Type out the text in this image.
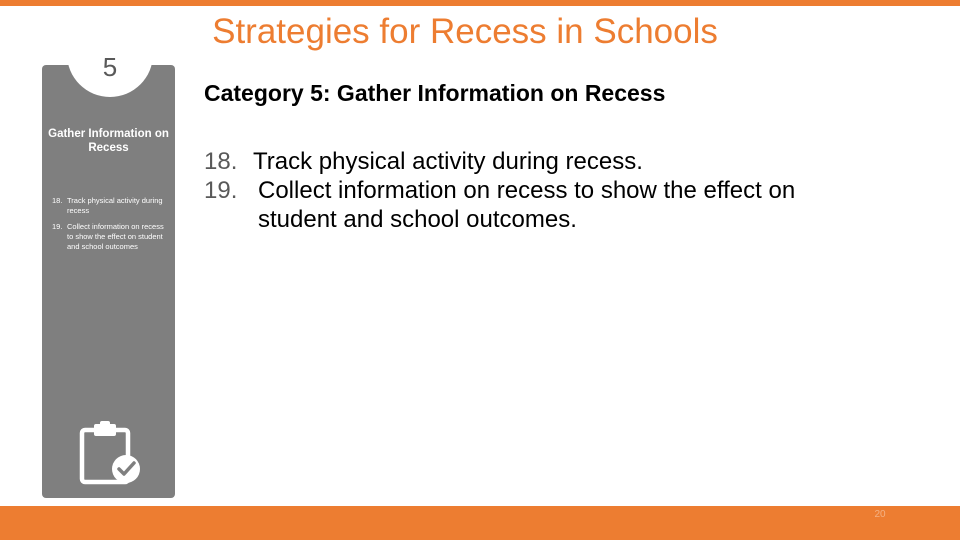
Strategies for Recess in Schools
5
Gather Information on Recess
18. Track physical activity during recess
19. Collect information on recess to show the effect on student and school outcomes
Category 5: Gather Information on Recess
18. Track physical activity during recess.
19. Collect information on recess to show the effect on student and school outcomes.
20
